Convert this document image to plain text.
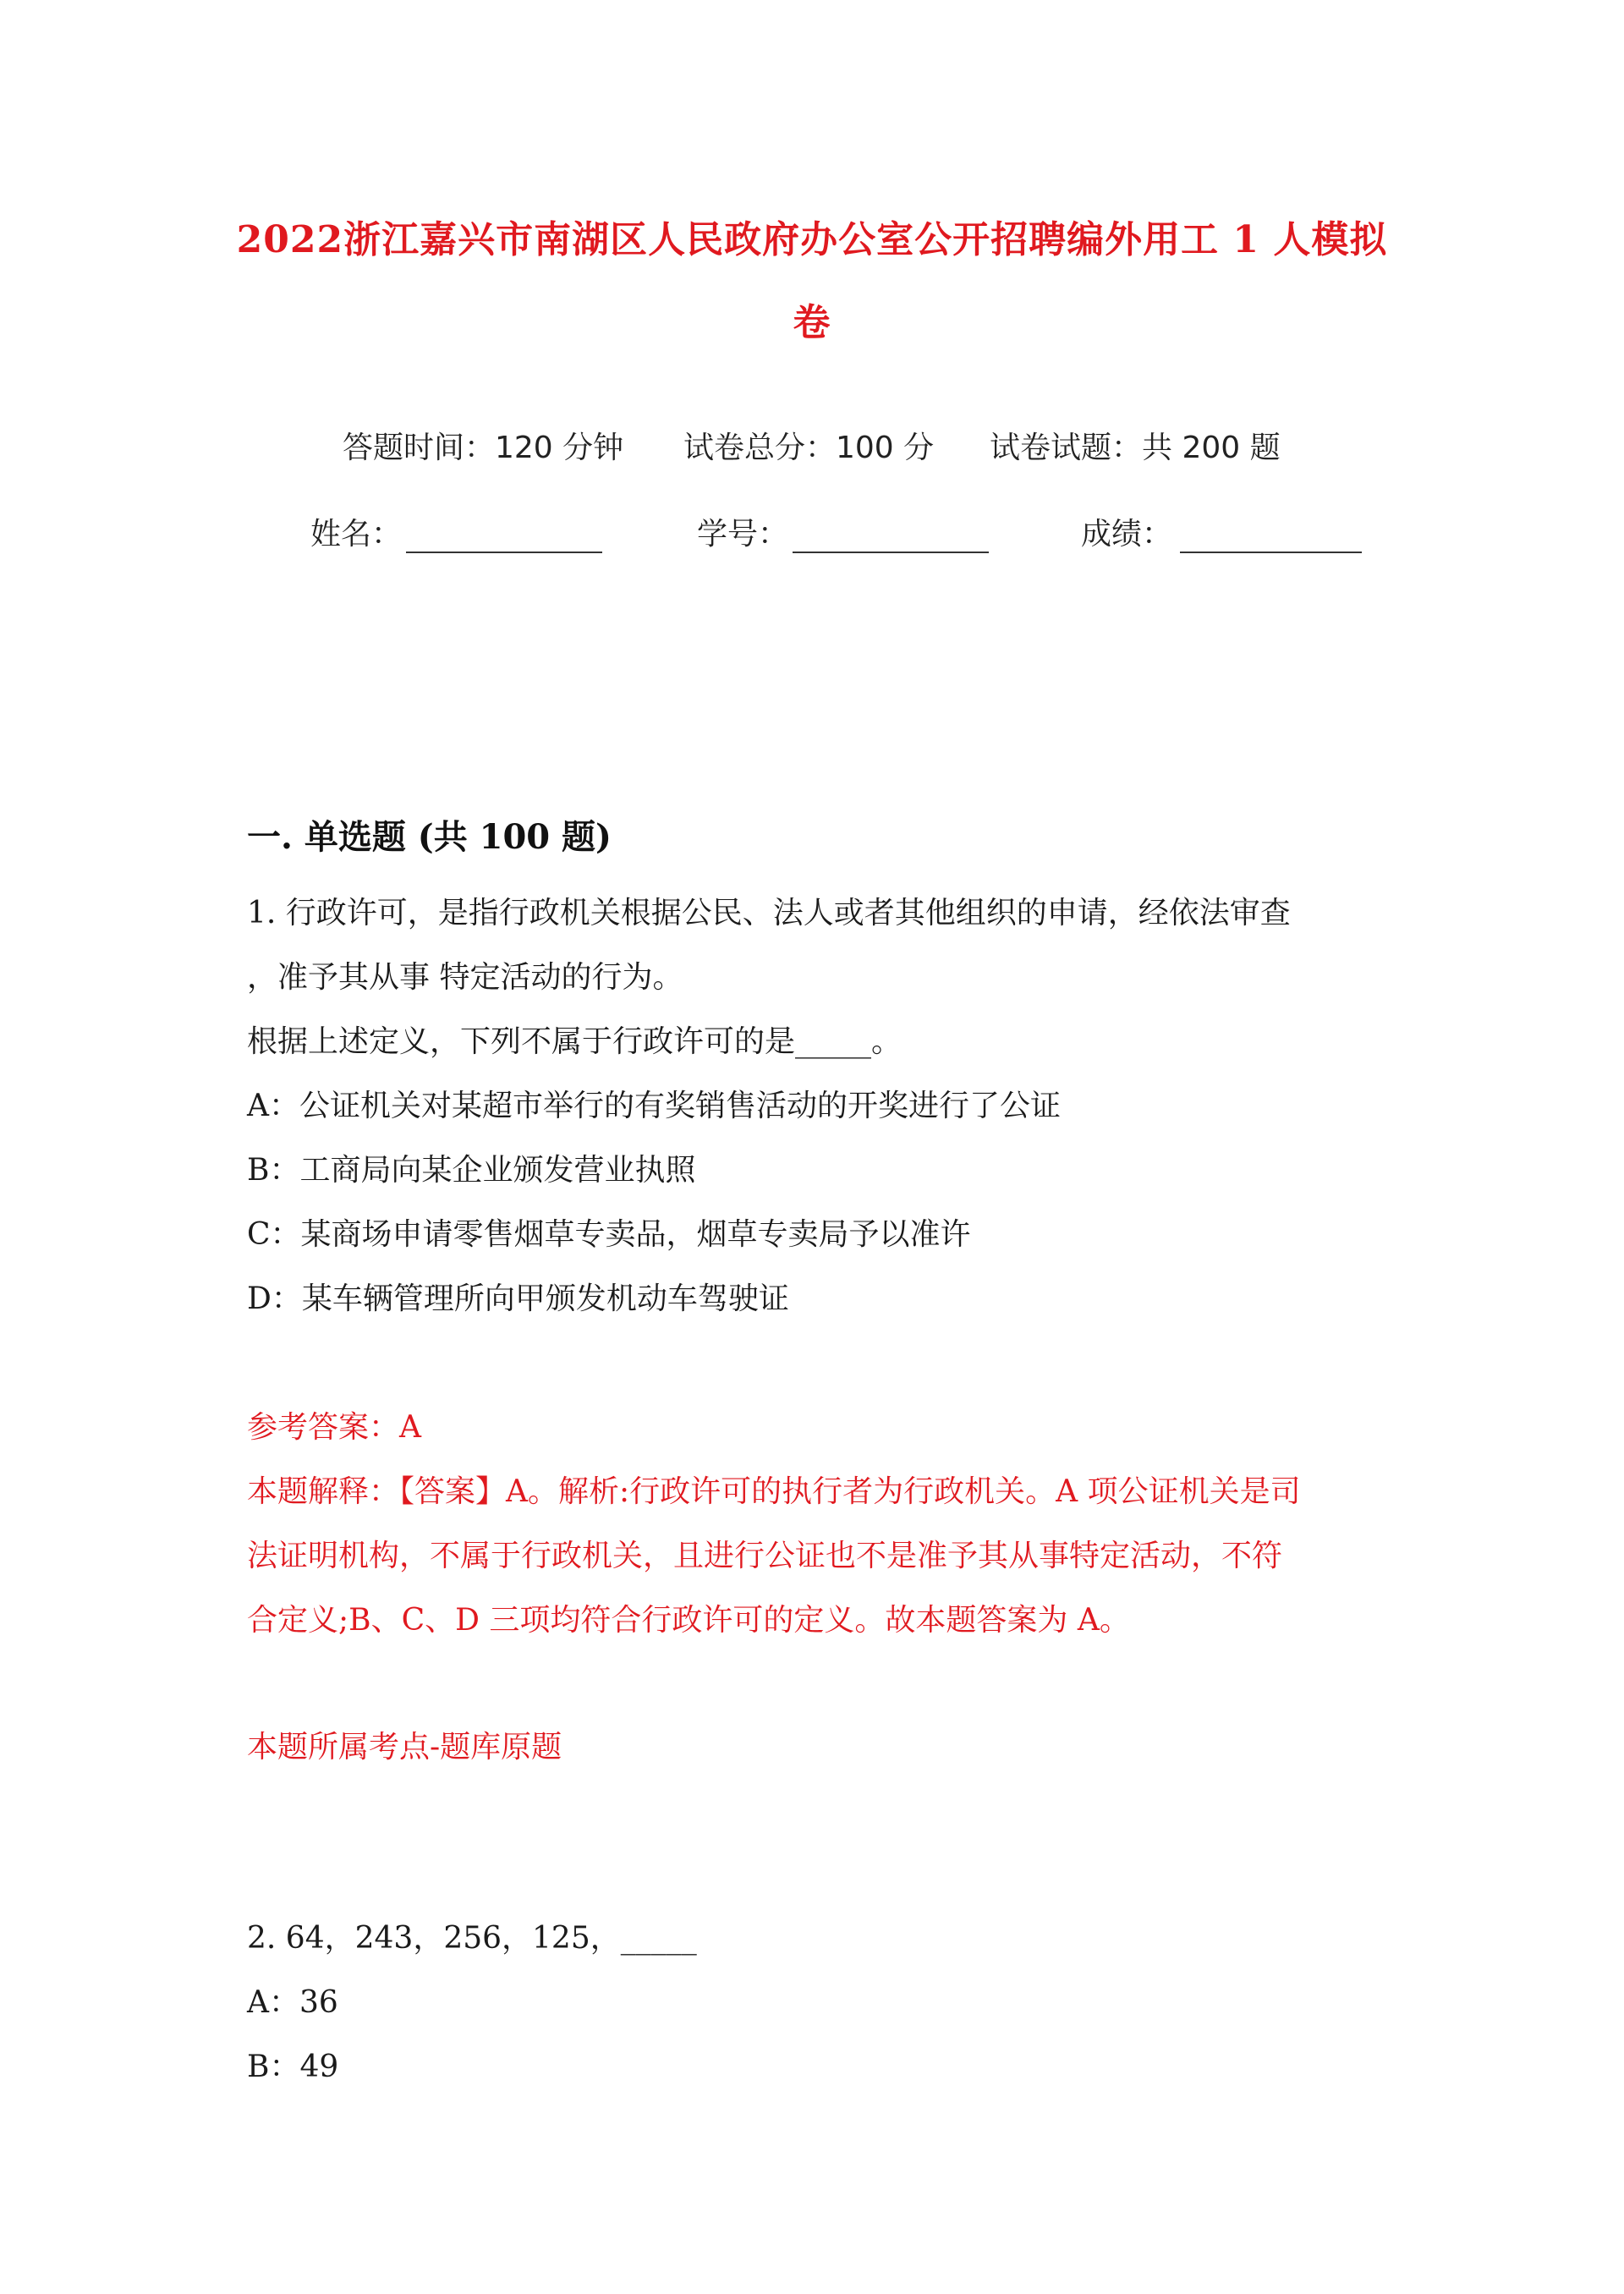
2022浙江嘉兴市南湖区人民政府办公室公开招聘编外用工 1 人模拟
卷
答题时间：120 分钟 试卷总分：100 分 试卷试题：共 200 题
姓名：	学号：	成绩：
一. 单选题 (共 100 题)
1. 行政许可，是指行政机关根据公民、法人或者其他组织的申请，经依法审查
，准予其从事 特定活动的行为。
根据上述定义，下列不属于行政许可的是_____。
A：公证机关对某超市举行的有奖销售活动的开奖进行了公证
B：工商局向某企业颁发营业执照
C：某商场申请零售烟草专卖品，烟草专卖局予以准许
D：某车辆管理所向甲颁发机动车驾驶证
参考答案：A
本题解释：【答案】A。解析:行政许可的执行者为行政机关。A 项公证机关是司
法证明机构，不属于行政机关，且进行公证也不是准予其从事特定活动，不符
合定义;B、C、D 三项均符合行政许可的定义。故本题答案为 A。
本题所属考点-题库原题
2. 64，243，256，125，_____
A：36
B：49
